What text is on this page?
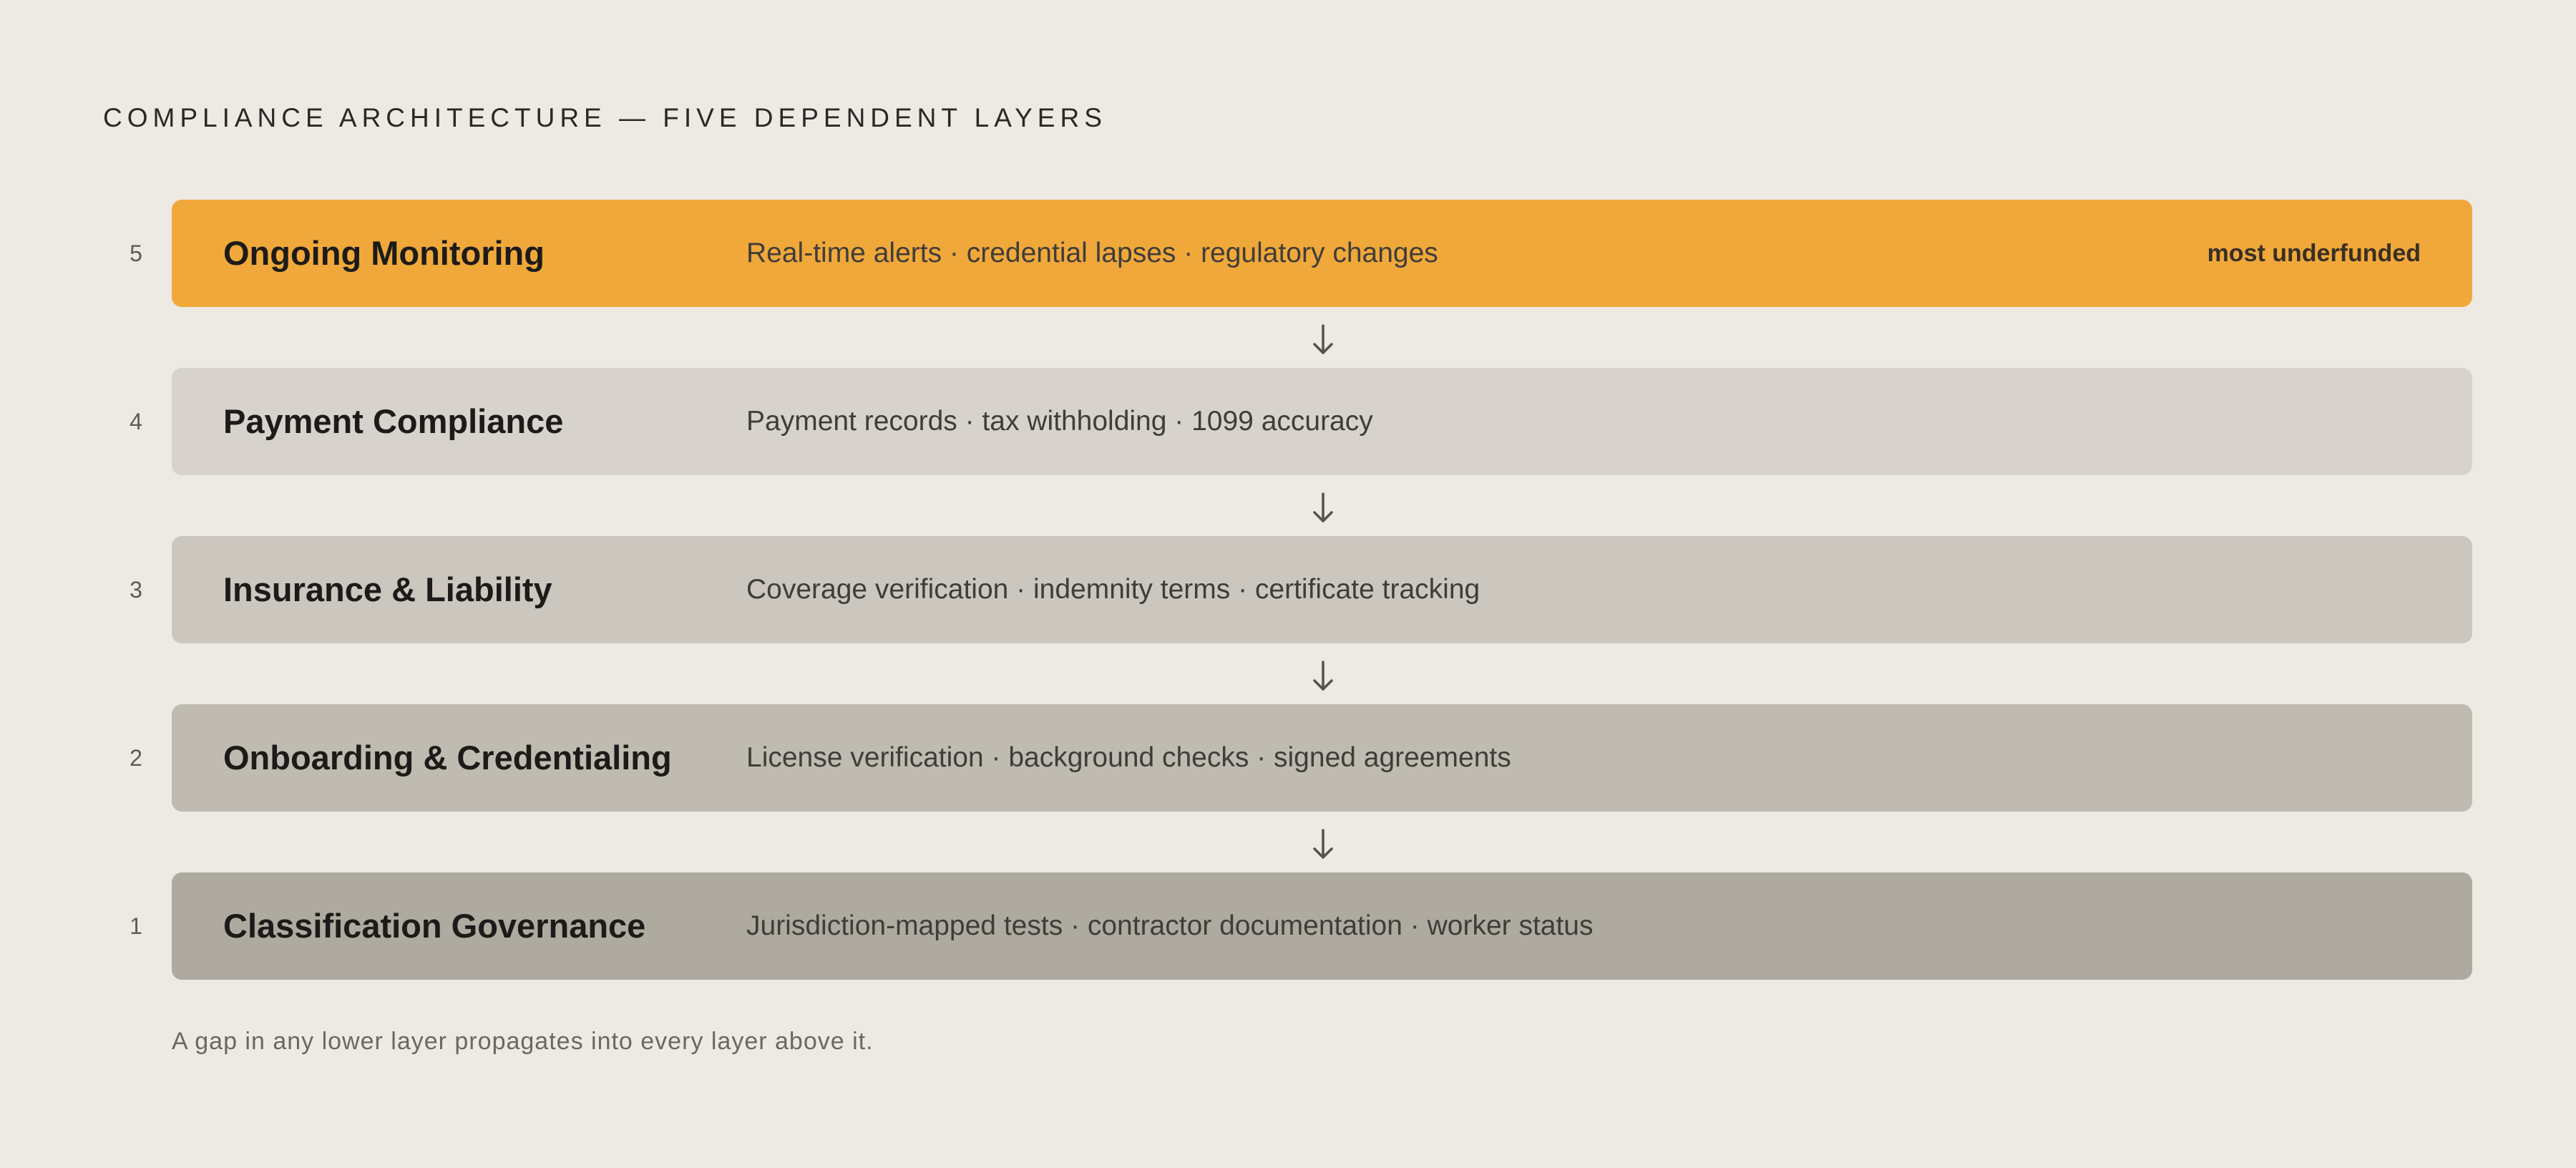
COMPLIANCE ARCHITECTURE — FIVE DEPENDENT LAYERS
5	Ongoing Monitoring	Real-time alerts · credential lapses · regulatory changes	most underfunded
4	Payment Compliance	Payment records · tax withholding · 1099 accuracy
3	Insurance & Liability	Coverage verification · indemnity terms · certificate tracking
2	Onboarding & Credentialing	License verification · background checks · signed agreements
1	Classification Governance	Jurisdiction-mapped tests · contractor documentation · worker status
A gap in any lower layer propagates into every layer above it.
